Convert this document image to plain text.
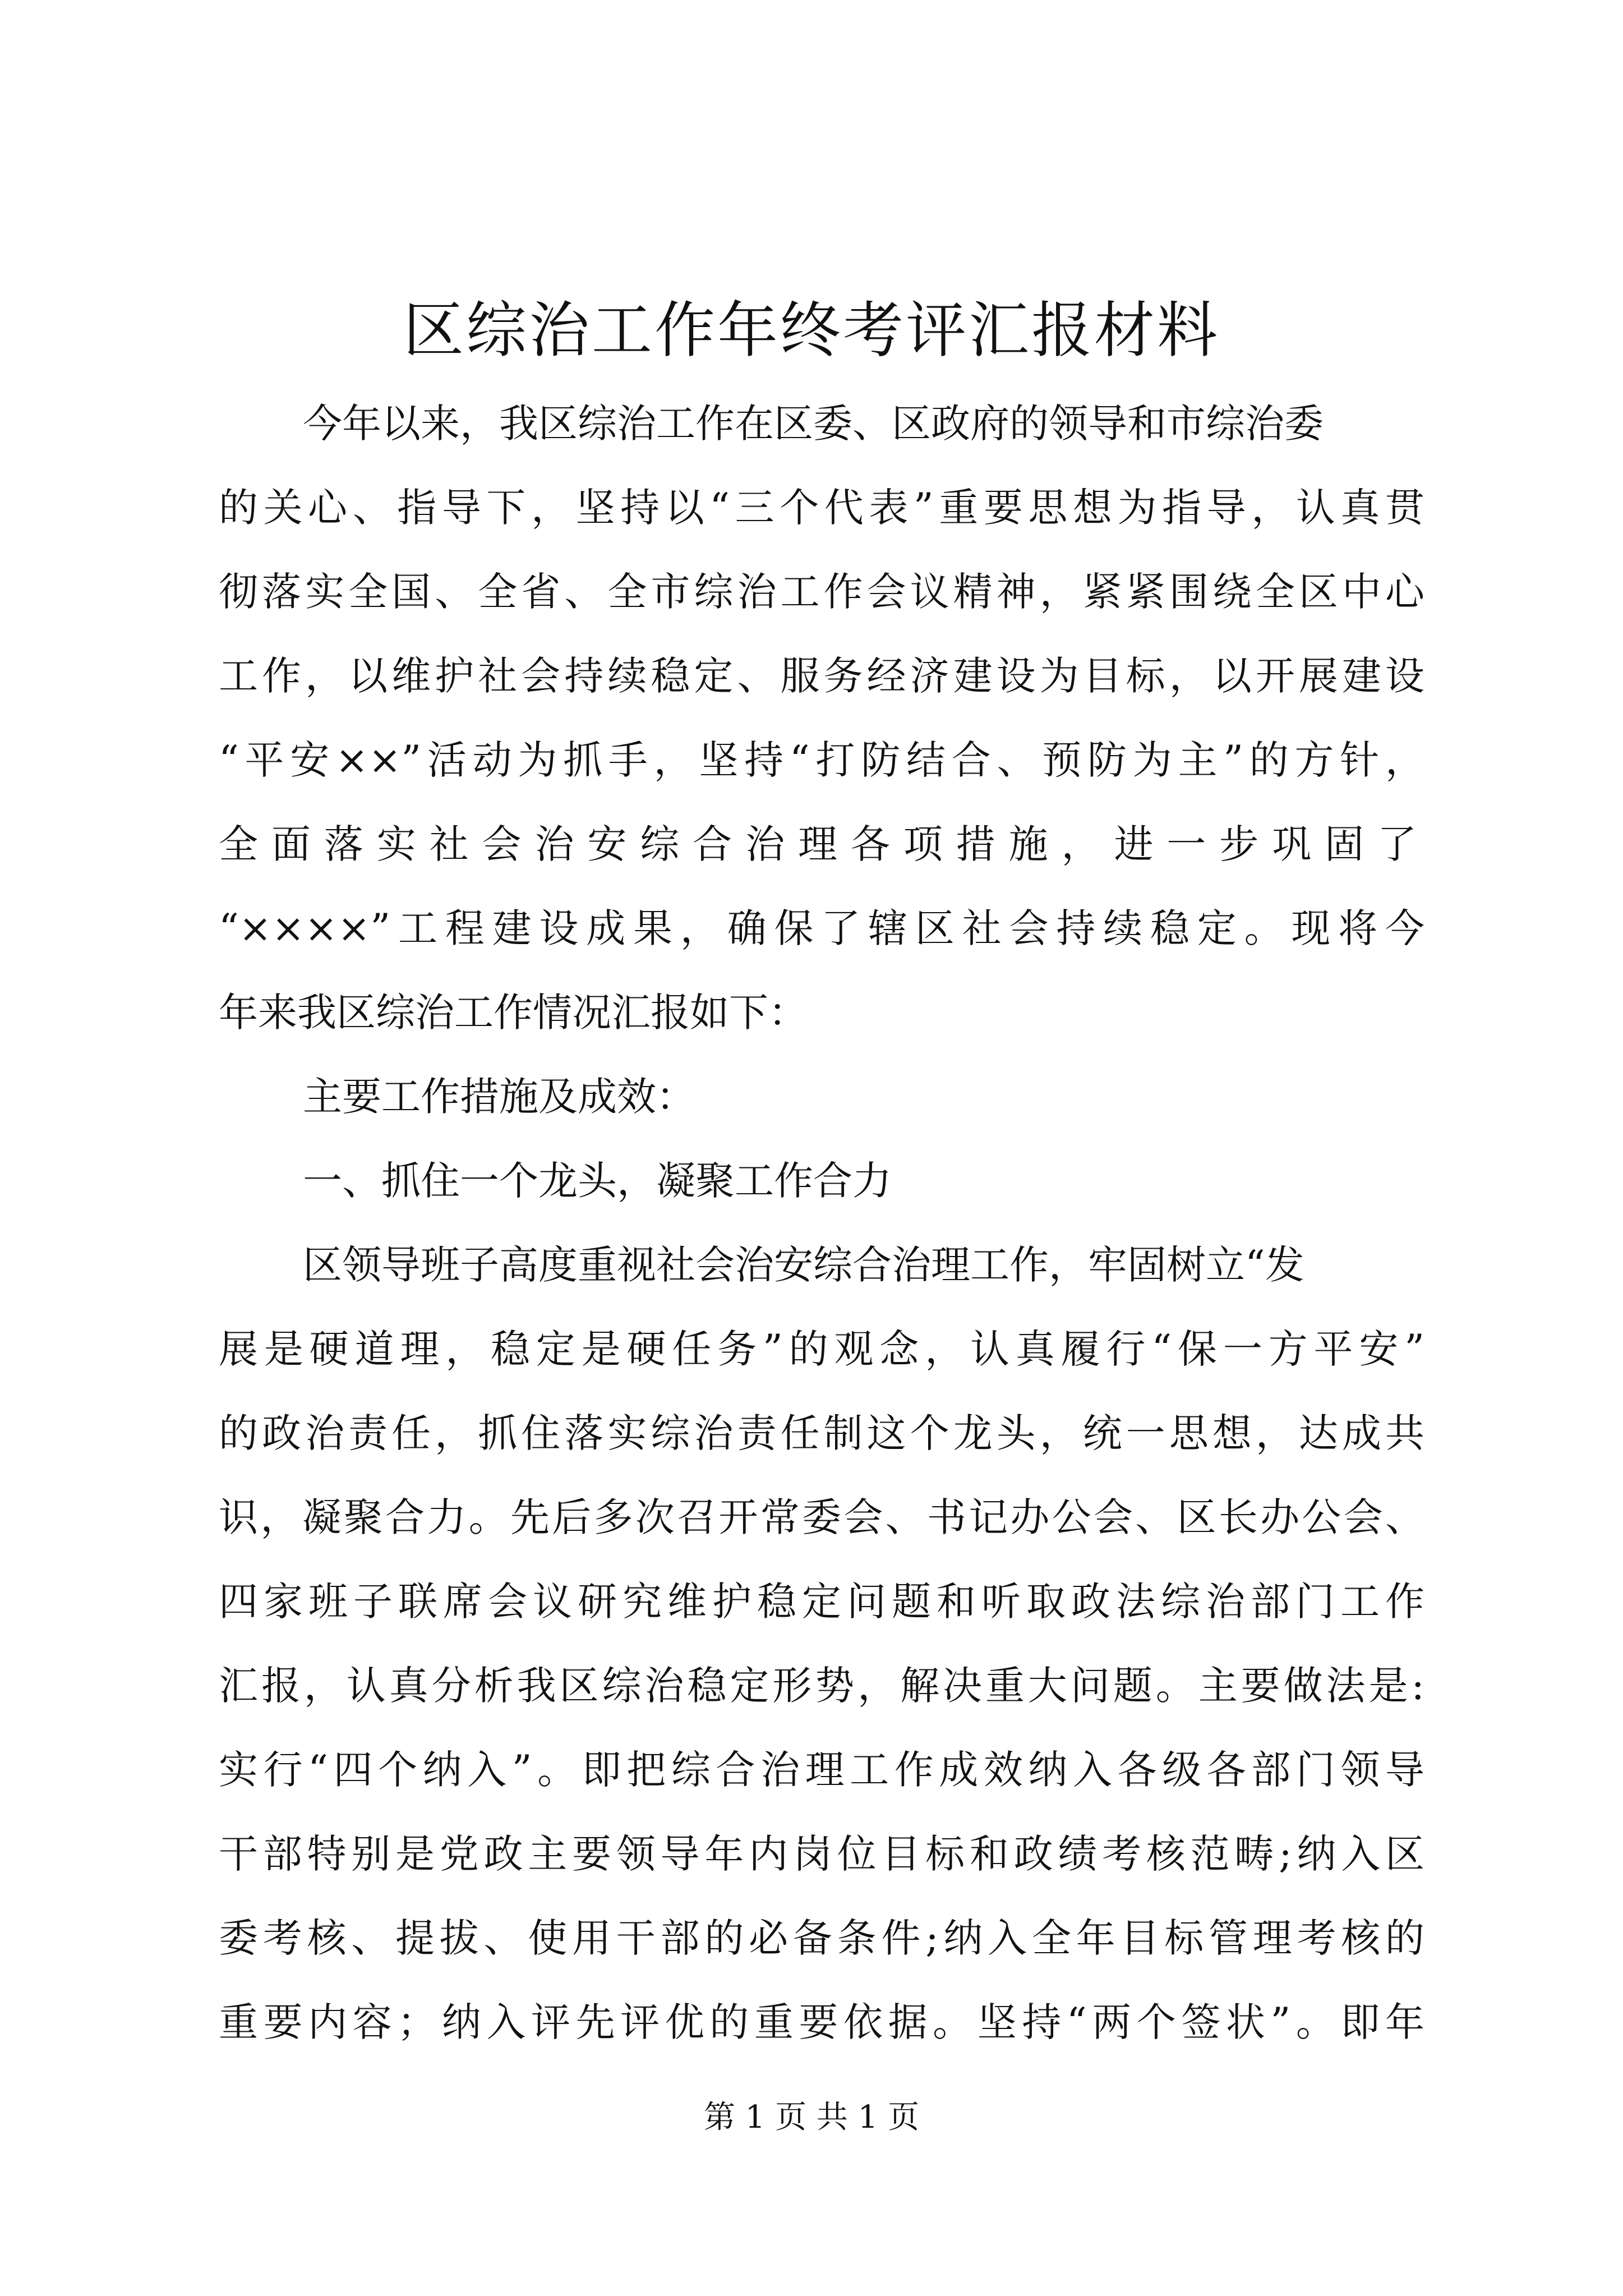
区综治工作年终考评汇报材料

今年以来，我区综治工作在区委、区政府的领导和市综治委

的关心、指导下，坚持以“三个代表”重要思想为指导，认真贯

彻落实全国、全省、全市综治工作会议精神，紧紧围绕全区中心

工作，以维护社会持续稳定、服务经济建设为目标，以开展建设

“平安××”活动为抓手，坚持“打防结合、预防为主”的方针，

全面落实社会治安综合治理各项措施，进一步巩固了

“××××”工程建设成果，确保了辖区社会持续稳定。现将今

年来我区综治工作情况汇报如下：

主要工作措施及成效：

一、抓住一个龙头，凝聚工作合力

区领导班子高度重视社会治安综合治理工作，牢固树立“发

展是硬道理，稳定是硬任务”的观念，认真履行“保一方平安”

的政治责任，抓住落实综治责任制这个龙头，统一思想，达成共

识，凝聚合力。先后多次召开常委会、书记办公会、区长办公会、

四家班子联席会议研究维护稳定问题和听取政法综治部门工作

汇报，认真分析我区综治稳定形势，解决重大问题。主要做法是:

实行“四个纳入”。即把综合治理工作成效纳入各级各部门领导

干部特别是党政主要领导年内岗位目标和政绩考核范畴;纳入区

委考核、提拔、使用干部的必备条件;纳入全年目标管理考核的

重要内容；纳入评先评优的重要依据。坚持“两个签状”。即年

第 1 页 共 1 页
